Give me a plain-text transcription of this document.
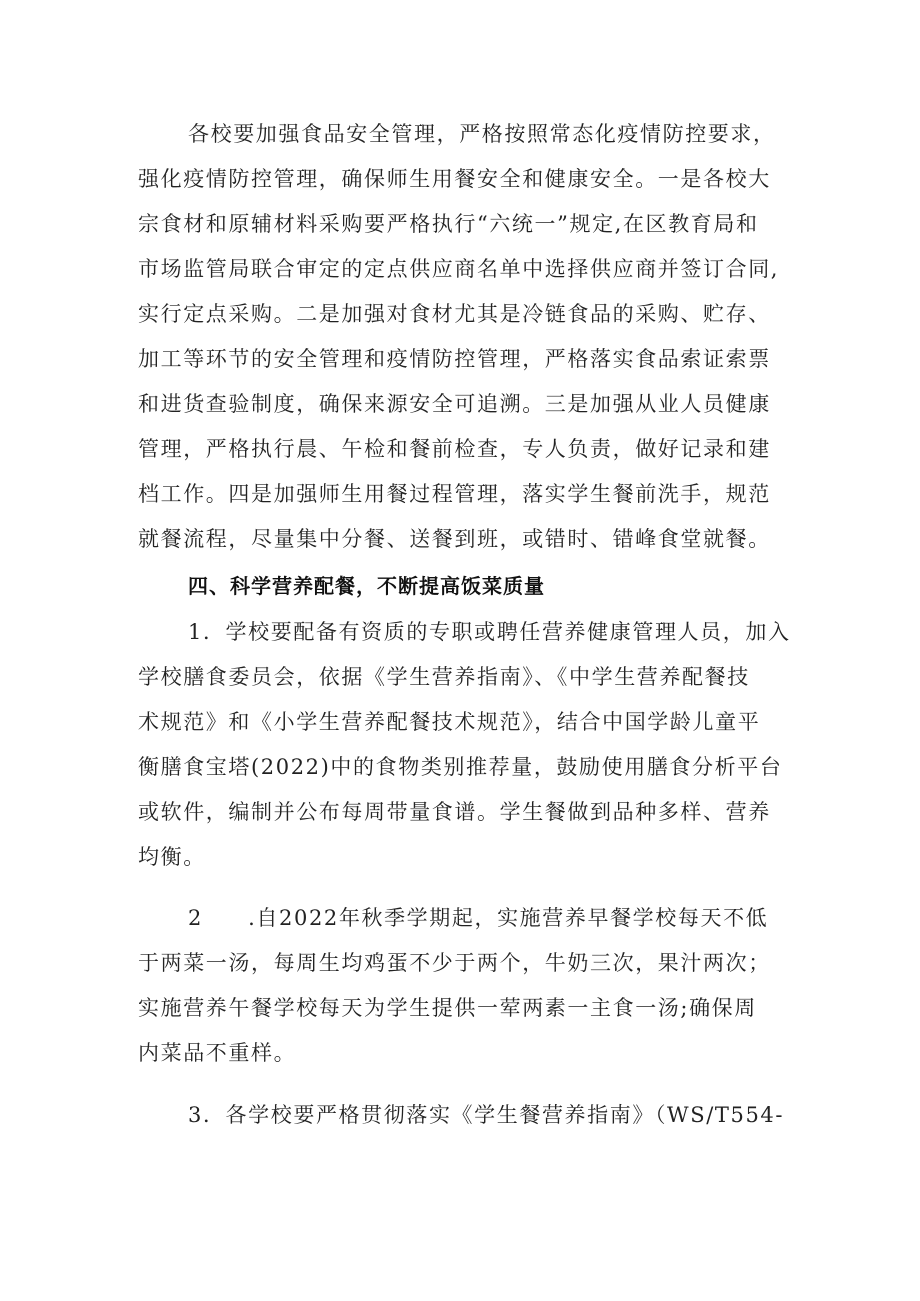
各校要加强食品安全管理，严格按照常态化疫情防控要求，
强化疫情防控管理，确保师生用餐安全和健康安全。一是各校大
宗食材和原辅材料采购要严格执行“六统一”规定,在区教育局和
市场监管局联合审定的定点供应商名单中选择供应商并签订合同,
实行定点采购。二是加强对食材尤其是冷链食品的采购、贮存、
加工等环节的安全管理和疫情防控管理，严格落实食品索证索票
和进货查验制度，确保来源安全可追溯。三是加强从业人员健康
管理，严格执行晨、午检和餐前检查，专人负责，做好记录和建
档工作。四是加强师生用餐过程管理，落实学生餐前洗手，规范
就餐流程，尽量集中分餐、送餐到班，或错时、错峰食堂就餐。
四、科学营养配餐，不断提高饭菜质量
1．学校要配备有资质的专职或聘任营养健康管理人员，加入
学校膳食委员会，依据《学生营养指南》、《中学生营养配餐技
术规范》和《小学生营养配餐技术规范》，结合中国学龄儿童平
衡膳食宝塔(2022)中的食物类别推荐量，鼓励使用膳食分析平台
或软件，编制并公布每周带量食谱。学生餐做到品种多样、营养
均衡。
2　　.自2022年秋季学期起，实施营养早餐学校每天不低
于两菜一汤，每周生均鸡蛋不少于两个，牛奶三次，果汁两次；
实施营养午餐学校每天为学生提供一荤两素一主食一汤;确保周
内菜品不重样。
3．各学校要严格贯彻落实《学生餐营养指南》（WS/T554-
